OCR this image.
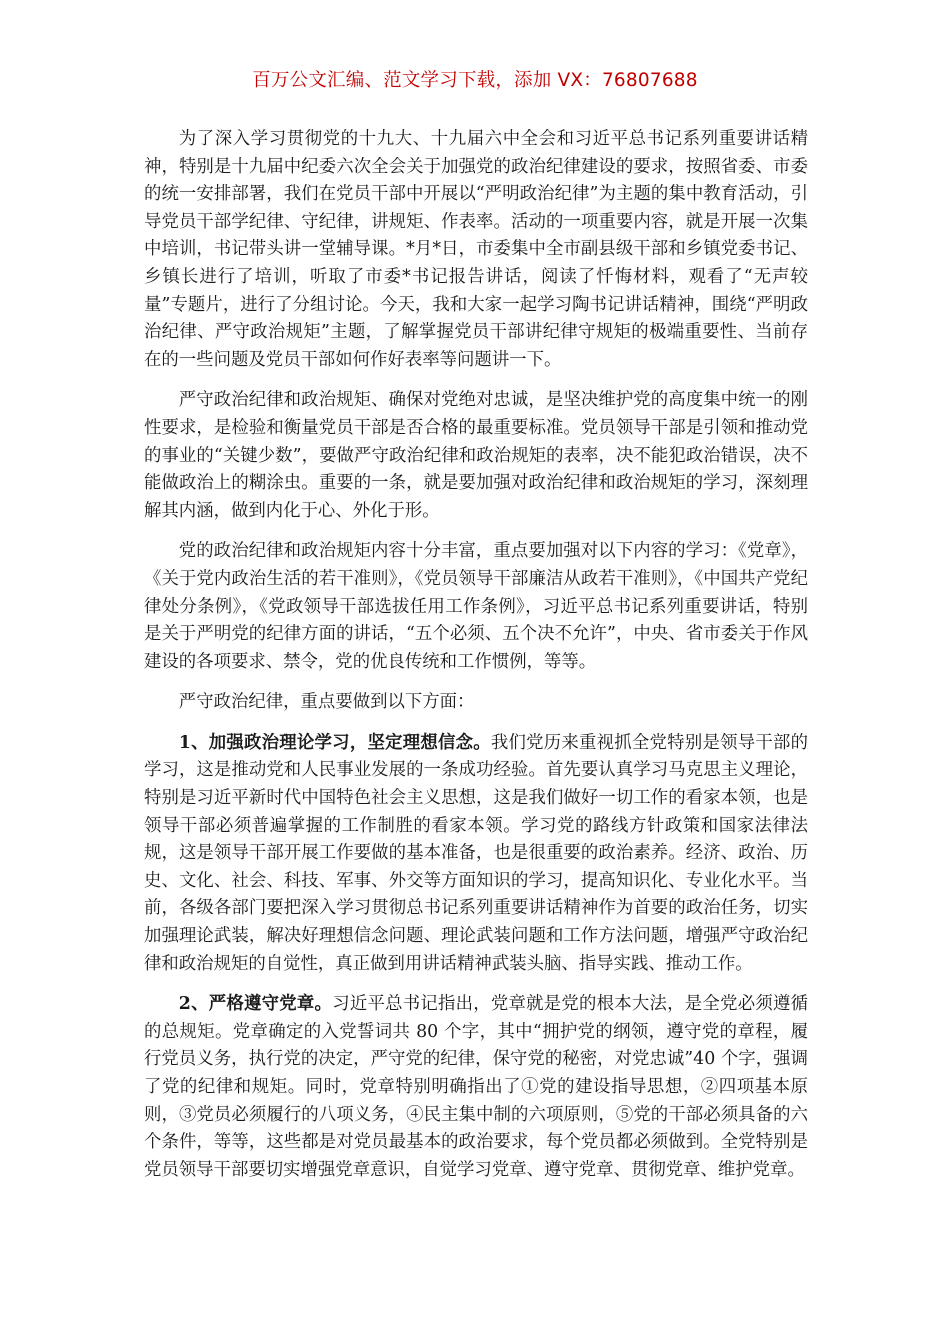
百万公文汇编、范文学习下载，添加 VX：76807688

为了深入学习贯彻党的十九大、十九届六中全会和习近平总书记系列重要讲话精神，特别是十九届中纪委六次全会关于加强党的政治纪律建设的要求，按照省委、市委的统一安排部署，我们在党员干部中开展以“严明政治纪律”为主题的集中教育活动，引导党员干部学纪律、守纪律，讲规矩、作表率。活动的一项重要内容，就是开展一次集中培训，书记带头讲一堂辅导课。*月*日，市委集中全市副县级干部和乡镇党委书记、乡镇长进行了培训，听取了市委*书记报告讲话，阅读了忏悔材料，观看了“无声较量”专题片，进行了分组讨论。今天，我和大家一起学习陶书记讲话精神，围绕“严明政治纪律、严守政治规矩”主题，了解掌握党员干部讲纪律守规矩的极端重要性、当前存在的一些问题及党员干部如何作好表率等问题讲一下。

严守政治纪律和政治规矩、确保对党绝对忠诚，是坚决维护党的高度集中统一的刚性要求，是检验和衡量党员干部是否合格的最重要标准。党员领导干部是引领和推动党的事业的“关键少数”，要做严守政治纪律和政治规矩的表率，决不能犯政治错误，决不能做政治上的糊涂虫。重要的一条，就是要加强对政治纪律和政治规矩的学习，深刻理解其内涵，做到内化于心、外化于形。

党的政治纪律和政治规矩内容十分丰富，重点要加强对以下内容的学习：《党章》，《关于党内政治生活的若干准则》，《党员领导干部廉洁从政若干准则》，《中国共产党纪律处分条例》，《党政领导干部选拔任用工作条例》，习近平总书记系列重要讲话，特别是关于严明党的纪律方面的讲话，“五个必须、五个决不允许”，中央、省市委关于作风建设的各项要求、禁令，党的优良传统和工作惯例，等等。

严守政治纪律，重点要做到以下方面：

1、加强政治理论学习，坚定理想信念。我们党历来重视抓全党特别是领导干部的学习，这是推动党和人民事业发展的一条成功经验。首先要认真学习马克思主义理论，特别是习近平新时代中国特色社会主义思想，这是我们做好一切工作的看家本领，也是领导干部必须普遍掌握的工作制胜的看家本领。学习党的路线方针政策和国家法律法规，这是领导干部开展工作要做的基本准备，也是很重要的政治素养。经济、政治、历史、文化、社会、科技、军事、外交等方面知识的学习，提高知识化、专业化水平。当前，各级各部门要把深入学习贯彻总书记系列重要讲话精神作为首要的政治任务，切实加强理论武装，解决好理想信念问题、理论武装问题和工作方法问题，增强严守政治纪律和政治规矩的自觉性，真正做到用讲话精神武装头脑、指导实践、推动工作。

2、严格遵守党章。习近平总书记指出，党章就是党的根本大法，是全党必须遵循的总规矩。党章确定的入党誓词共 80 个字，其中“拥护党的纲领，遵守党的章程，履行党员义务，执行党的决定，严守党的纪律，保守党的秘密，对党忠诚”40 个字，强调了党的纪律和规矩。同时，党章特别明确指出了①党的建设指导思想，②四项基本原则，③党员必须履行的八项义务，④民主集中制的六项原则，⑤党的干部必须具备的六个条件，等等，这些都是对党员最基本的政治要求，每个党员都必须做到。全党特别是党员领导干部要切实增强党章意识，自觉学习党章、遵守党章、贯彻党章、维护党章。
